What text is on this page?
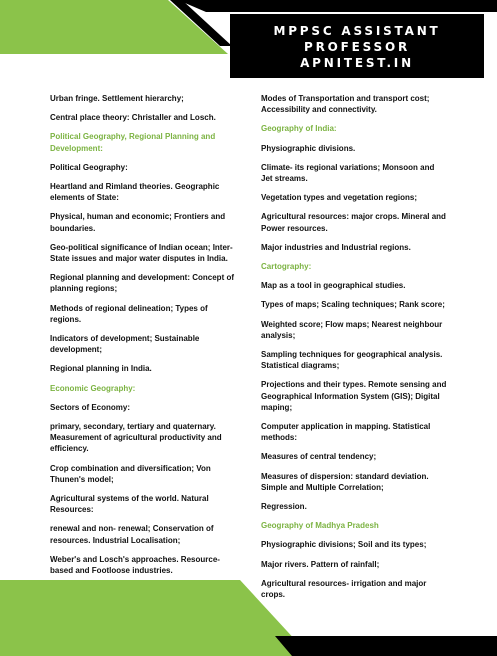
MPPSC ASSISTANT
PROFESSOR
APNITEST.IN

Urban fringe. Settlement hierarchy;

Central place theory: Christaller and Losch.

Political Geography, Regional Planning and Development:

Political Geography:

Heartland and Rimland theories. Geographic elements of State:

Physical, human and economic; Frontiers and boundaries.

Geo-political significance of Indian ocean; Inter-State issues and major water disputes in India.

Regional planning and development: Concept of planning regions;

Methods of regional delineation; Types of regions.

Indicators of development; Sustainable development;

Regional planning in India.

Economic Geography:

Sectors of Economy:

primary, secondary, tertiary and quaternary. Measurement of agricultural productivity and efficiency.

Crop combination and diversification; Von Thunen's model;

Agricultural systems of the world. Natural Resources:

renewal and non- renewal; Conservation of resources. Industrial Localisation;

Weber's and Losch's approaches. Resource-based and Footloose industries.

Modes of Transportation and transport cost; Accessibility and connectivity.

Geography of India:

Physiographic divisions.

Climate- its regional variations; Monsoon and Jet streams.

Vegetation types and vegetation regions;

Agricultural resources: major crops. Mineral and Power resources.

Major industries and Industrial regions.

Cartography:

Map as a tool in geographical studies.

Types of maps; Scaling techniques; Rank score;

Weighted score; Flow maps; Nearest neighbour analysis;

Sampling techniques for geographical analysis. Statistical diagrams;

Projections and their types. Remote sensing and Geographical Information System (GIS); Digital maping;

Computer application in mapping. Statistical methods:

Measures of central tendency;

Measures of dispersion: standard deviation. Simple and Multiple Correlation;

Regression.

Geography of Madhya Pradesh

Physiographic divisions; Soil and its types;

Major rivers. Pattern of rainfall;

Agricultural resources- irrigation and major crops.
